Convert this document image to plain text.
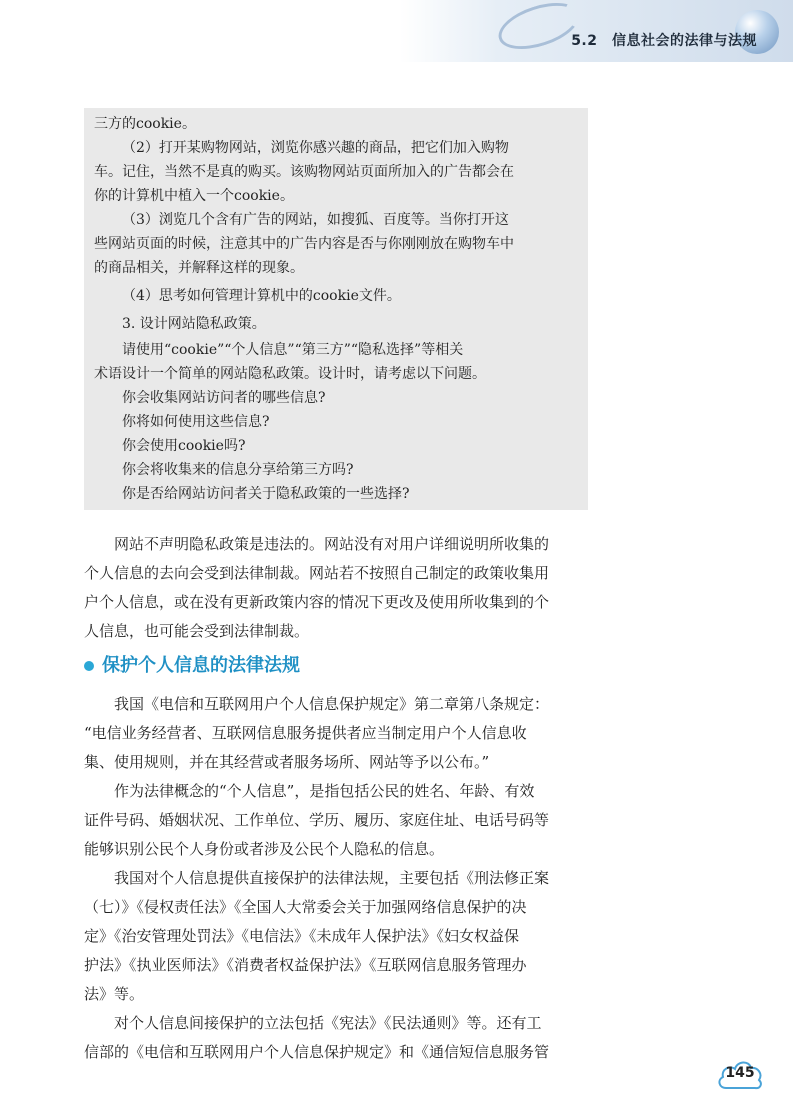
5.2　信息社会的法律与法规

三方的cookie。

（2）打开某购物网站，浏览你感兴趣的商品，把它们加入购物

车。记住，当然不是真的购买。该购物网站页面所加入的广告都会在

你的计算机中植入一个cookie。

（3）浏览几个含有广告的网站，如搜狐、百度等。当你打开这

些网站页面的时候，注意其中的广告内容是否与你刚刚放在购物车中

的商品相关，并解释这样的现象。

（4）思考如何管理计算机中的cookie文件。

3. 设计网站隐私政策。

请使用“cookie”“个人信息”“第三方”“隐私选择”等相关

术语设计一个简单的网站隐私政策。设计时，请考虑以下问题。

你会收集网站访问者的哪些信息?

你将如何使用这些信息?

你会使用cookie吗?

你会将收集来的信息分享给第三方吗?

你是否给网站访问者关于隐私政策的一些选择?

网站不声明隐私政策是违法的。网站没有对用户详细说明所收集的

个人信息的去向会受到法律制裁。网站若不按照自己制定的政策收集用

户个人信息，或在没有更新政策内容的情况下更改及使用所收集到的个

人信息，也可能会受到法律制裁。

保护个人信息的法律法规

我国《电信和互联网用户个人信息保护规定》第二章第八条规定：

“电信业务经营者、互联网信息服务提供者应当制定用户个人信息收

集、使用规则，并在其经营或者服务场所、网站等予以公布。”

作为法律概念的“个人信息”，是指包括公民的姓名、年龄、有效

证件号码、婚姻状况、工作单位、学历、履历、家庭住址、电话号码等

能够识别公民个人身份或者涉及公民个人隐私的信息。

我国对个人信息提供直接保护的法律法规，主要包括《刑法修正案

（七）》《侵权责任法》《全国人大常委会关于加强网络信息保护的决

定》《治安管理处罚法》《电信法》《未成年人保护法》《妇女权益保

护法》《执业医师法》《消费者权益保护法》《互联网信息服务管理办

法》等。

对个人信息间接保护的立法包括《宪法》《民法通则》等。还有工

信部的《电信和互联网用户个人信息保护规定》和《通信短信息服务管

145
